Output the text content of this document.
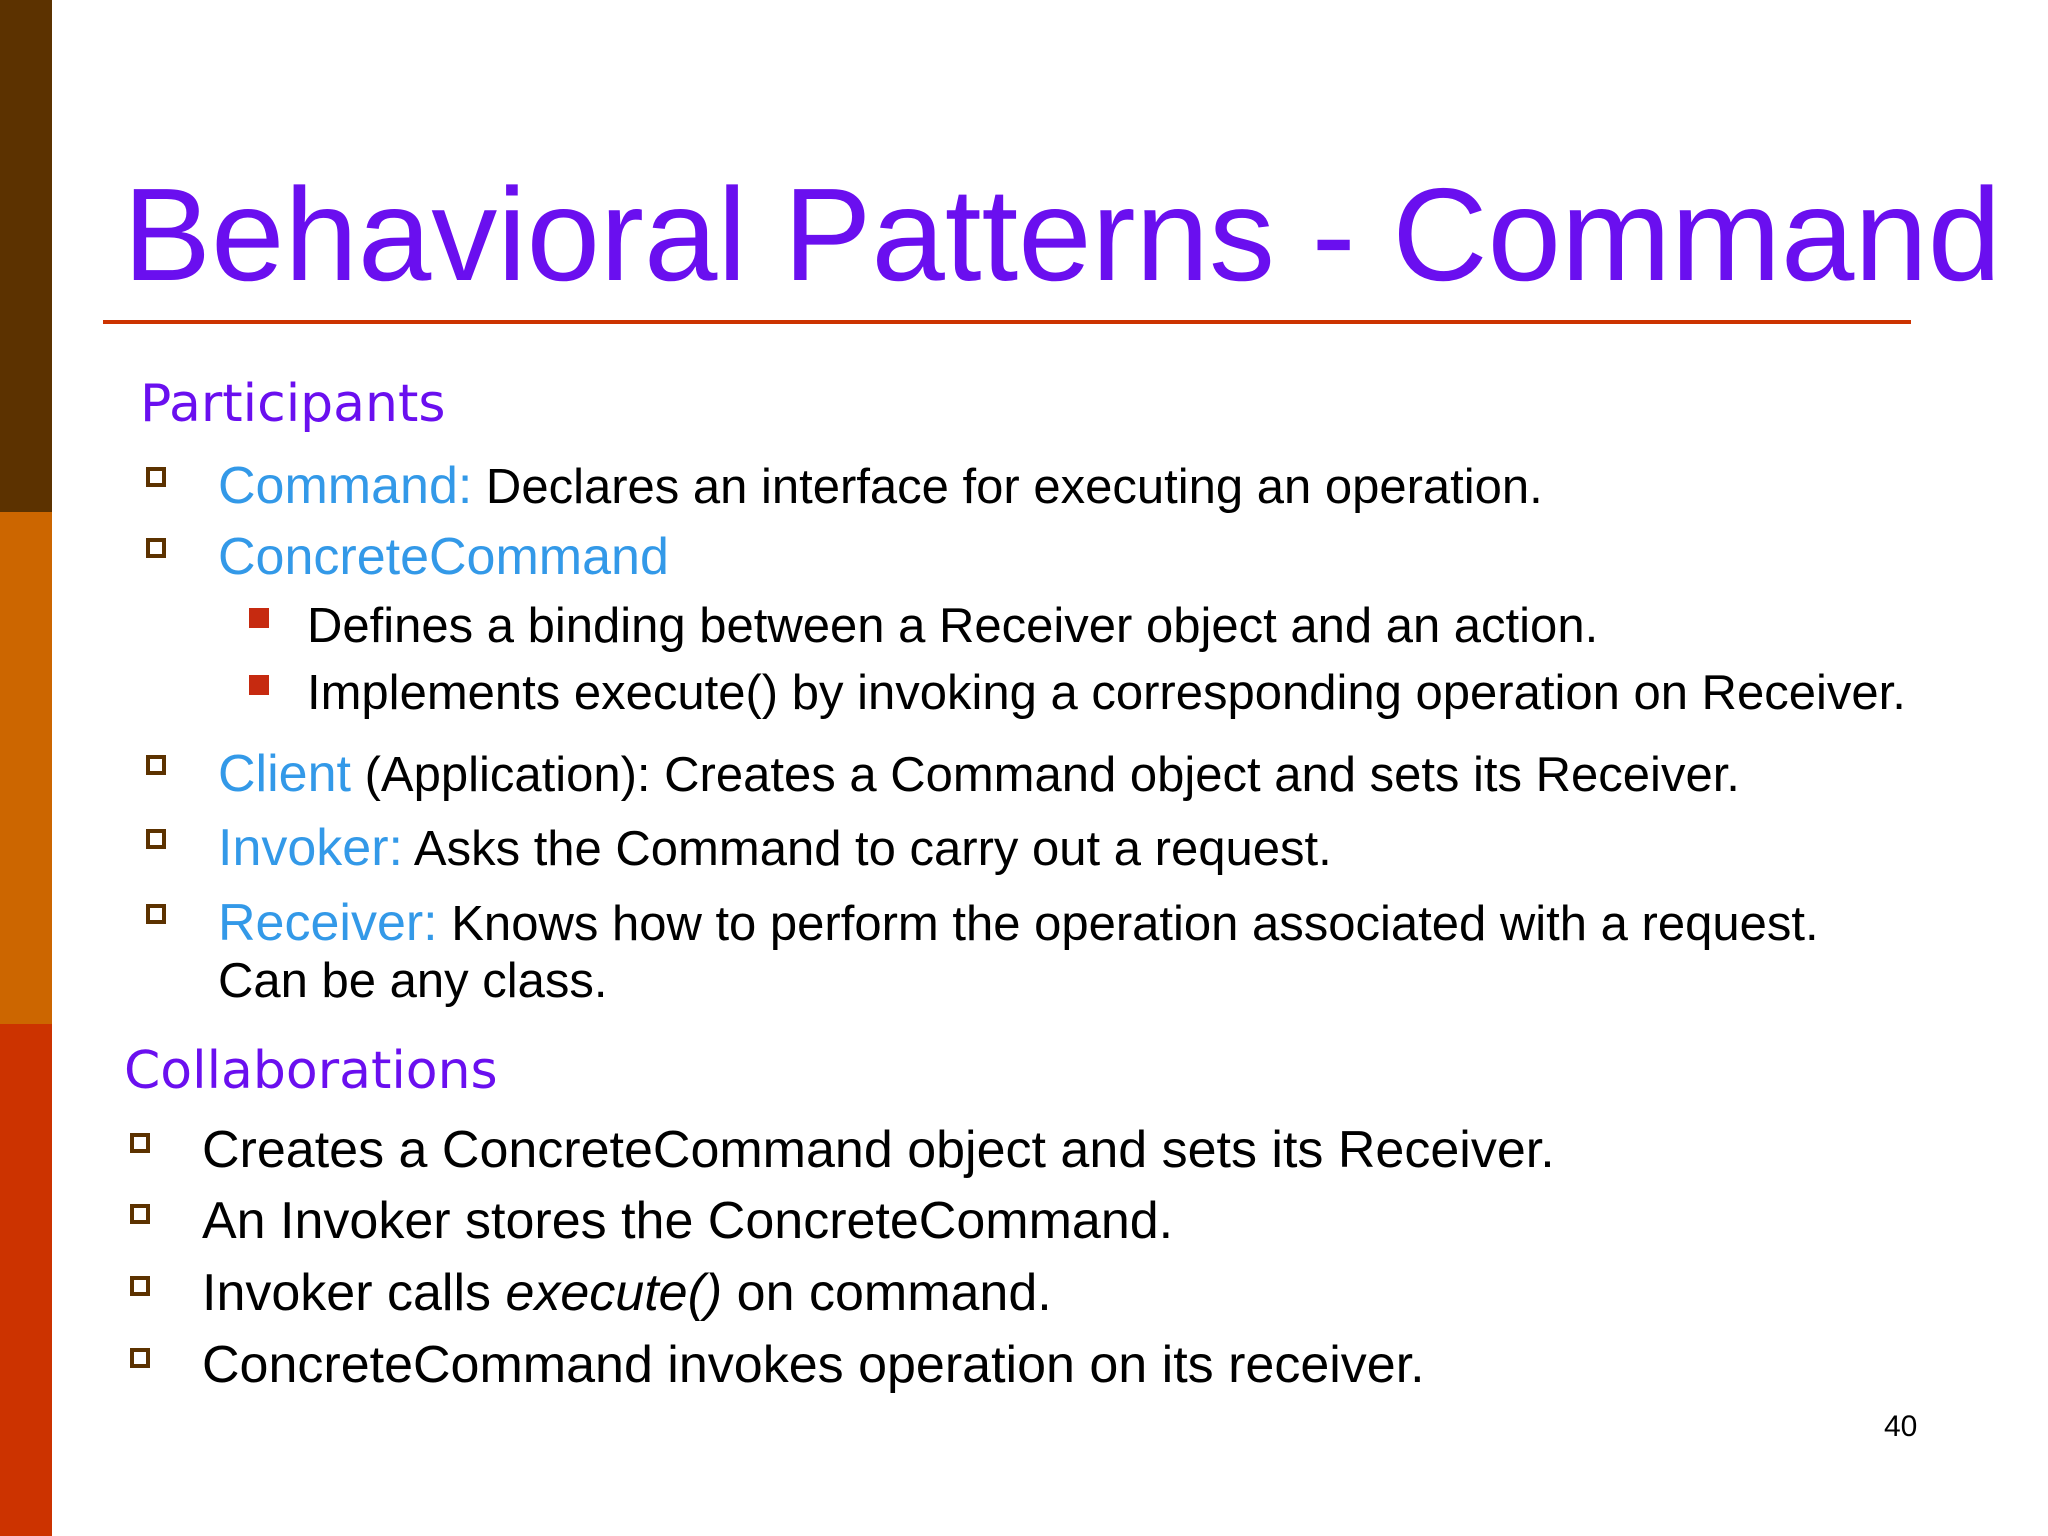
Behavioral Patterns - Command
Participants
Command: Declares an interface for executing an operation.
ConcreteCommand
Defines a binding between a Receiver object and an action.
Implements execute() by invoking a corresponding operation on Receiver.
Client (Application): Creates a Command object and sets its Receiver.
Invoker: Asks the Command to carry out a request.
Receiver: Knows how to perform the operation associated with a request.
Can be any class.
Collaborations
Creates a ConcreteCommand object and sets its Receiver.
An Invoker stores the ConcreteCommand.
Invoker calls execute() on command.
ConcreteCommand invokes operation on its receiver.
40
